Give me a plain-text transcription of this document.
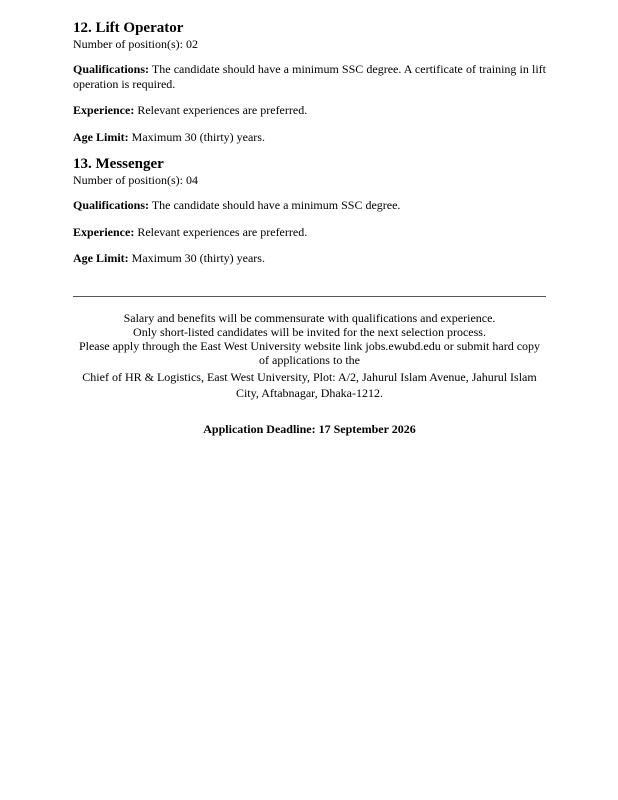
12. Lift Operator

Number of position(s): 02

Qualifications: The candidate should have a minimum SSC degree. A certificate of training in lift operation is required.

Experience: Relevant experiences are preferred.

Age Limit: Maximum 30 (thirty) years.

13. Messenger

Number of position(s): 04

Qualifications: The candidate should have a minimum SSC degree.

Experience: Relevant experiences are preferred.

Age Limit: Maximum 30 (thirty) years.

Salary and benefits will be commensurate with qualifications and experience.
Only short-listed candidates will be invited for the next selection process.
Please apply through the East West University website link jobs.ewubd.edu or submit hard copy of applications to the
Chief of HR & Logistics, East West University, Plot: A/2, Jahurul Islam Avenue, Jahurul Islam City, Aftabnagar, Dhaka-1212.
Application Deadline: 17 September 2026
